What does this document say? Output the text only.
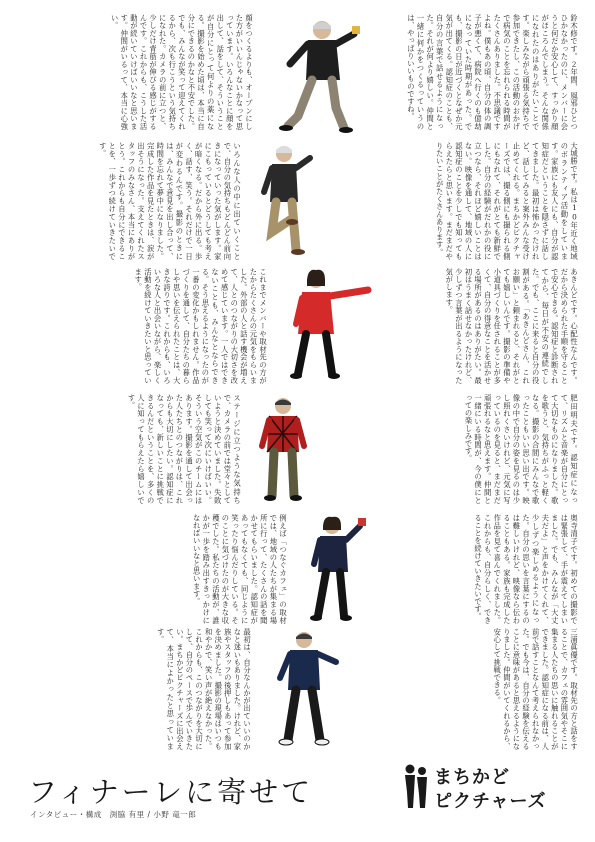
鈴木修です。２年間、風邪ひとつひかなかったのに、メンバーに会うと何だか安心して、すっかり顔がほころんでしまう。そんな関係になれたのはありがたいことです。楽しみながら頑張る気持ちで参加できたし、この活動のおかげで病気のことを忘れられる時間がたくさんありました。不思議ですよね。僕もあの頃、自分の体の調子が悪くて、病院へ行くのも億劫になっていた時期があった。でも、撮影の日が近づくとなぜか元気が出てくる。認知症のことも、自分の言葉で話せるようになった。それが何より嬉しい。仲間と一緒に何かをつくるっていうのは、やっぱりいいものですね。

顔をつくるよりも、オープンにした方がいいんじゃないかなって思っています。いろんなことに顔を出して、話をして、そういうことが自分にとって何よりの薬になる。撮影を始めた頃は、本当に自分にできるのかなと不安でした。でも、みんなが笑って迎えてくれるから、次も行こうという気持ちになれた。カメラの前に立つと、少しだけ背筋が伸びる感じがするんです。これからも、こうした活動が続いていけばいいなと思います。仲間がいるって、本当に心強い。

大城勝です。私は10年近く地域のボランティア活動をしています。家族にも友人にも、自分が認知症だということを隠さずに話してきました。最初は怖かったけれど、話してみると案外みんな受け止めてくれる。まちかどピクチャーズでは、撮る側にも撮られる側にもなれて、それがとても新鮮でした。自分の経験がだれかの役に立つなら、それほど嬉しいことはない。映像を通して、地域の人に認知症のことを少しでも知ってもらえたらと思います。まだまだやりたいことがたくさんあります。

いろんな人の中に出ていくことで、自分の気持ちもどんどん前向きになっていった気がします。家にこもっているとどうしても考えが暗くなる。だから外に出る。歩く、話す、笑う。それだけで一日が変わるんです。撮影のときには、みんなで意見を出し合って、時間を忘れて夢中になりました。完成した作品を見たときは、涙が出そうになった。支えてくれたスタッフのみなさん、本当にありがとう。これからも自分にできることを、一歩ずつ続けていきたいです。

あきんどです。心配性なんです。だから決められた手順を守ることで安心できる。認知症と診断されてから、毎日が不安の連続でした。でも、ここに来ると自分の役割がある。「あきんどさん、これお願い」と頼まれると、それがとても嬉しいんです。撮影の準備や小道具づくりを任されることが多くて、自分の得意なことを活かせる場所があるのはありがたい。最初はうまく話せなかったけれど、少しずつ言葉が出るようになった気がします。

これまでメンバーや取材先の方がたからたくさんの元気をもらいました。外部の人と話す機会が増えて、人とのつながりの大切さを改めて感じています。一人ではできないことも、みんなとならできる。そう思えるようになったのが一番の変化かもしれません。作品づくりを通して、自分たちの暮らしや思いを伝えられたことは、大きな誇りです。これからも、いろいろな人と出会いながら、楽しく活動を続けていきたいと思っています。

肥田明夫です。認知症になって、リズムと音楽が自分にとって大切なものになりました。歌を歌うと、気持ちがふっと軽くなる。撮影の合間にみんなで歌ったこともいい思い出です。映像の中で自分の姿を見るのは少し照れくさいけれど、元気に写っているのを見ると、まだまだ頑張れるなと思えます。仲間と一緒にいる時間が、今の僕にとっての楽しみです。

ステージに立つような気持ちで、カメラの前では堂々としていようと決めていました。失敗しても笑って次にいけばいい。そういう空気がこのチームにはあります。撮影を通して出会った人たちとのつながりは、これからも大切にしたい。認知症になっても、新しいことに挑戦できるんだということを、多くの人に知ってもらえたら嬉しいです。

奥寺清子です。初めての撮影では緊張して、手が震えてしまいました。でも、みんなが「大丈夫だよ」と声をかけてくれて、少しずつ楽しめるようになった。自分の思いを言葉にするのは難しいけれど、映像なら伝わることもある。家族も完成した作品を見て喜んでくれました。これからも、自分らしく、できることを続けていきたいです。

例えば「つなぐカフェ」の取材では、地域の人たちが集まる場所に行って、たくさんの話を聞かせてもらいました。認知症があってもなくても、同じように笑ったり悩んだりしている。そのことに気づけたのが大きな収穫でした。私たちの活動が、誰かが一歩を踏み出すきっかけになればいいなと思います。

三浦眞優です。取材先の方と話をすることで、カフェの雰囲気やそこに集まる人たちの思いに触れることができました。認知症になる前は、人前で話すことなんて考えられなかった。でも今は、自分の経験を伝えることに意味があると思えるようになりました。仲間がいてくれるから、安心して挑戦できる。

最初は、自分なんかが出ていいのかなと迷いもありました。けれど、家族やスタッフの後押しもあって参加を決めました。撮影の現場はいつも和やかで、笑い声が絶えなかった。これからも、このつながりを大切にして、自分のペースで歩んでいきたい。まちかどピクチャーズに出会えて、本当によかったと思っています。

フィナーレに寄せて
インタビュー・構成　渕脇 有里 / 小野 竜一郎
まちかど
ピクチャーズ
